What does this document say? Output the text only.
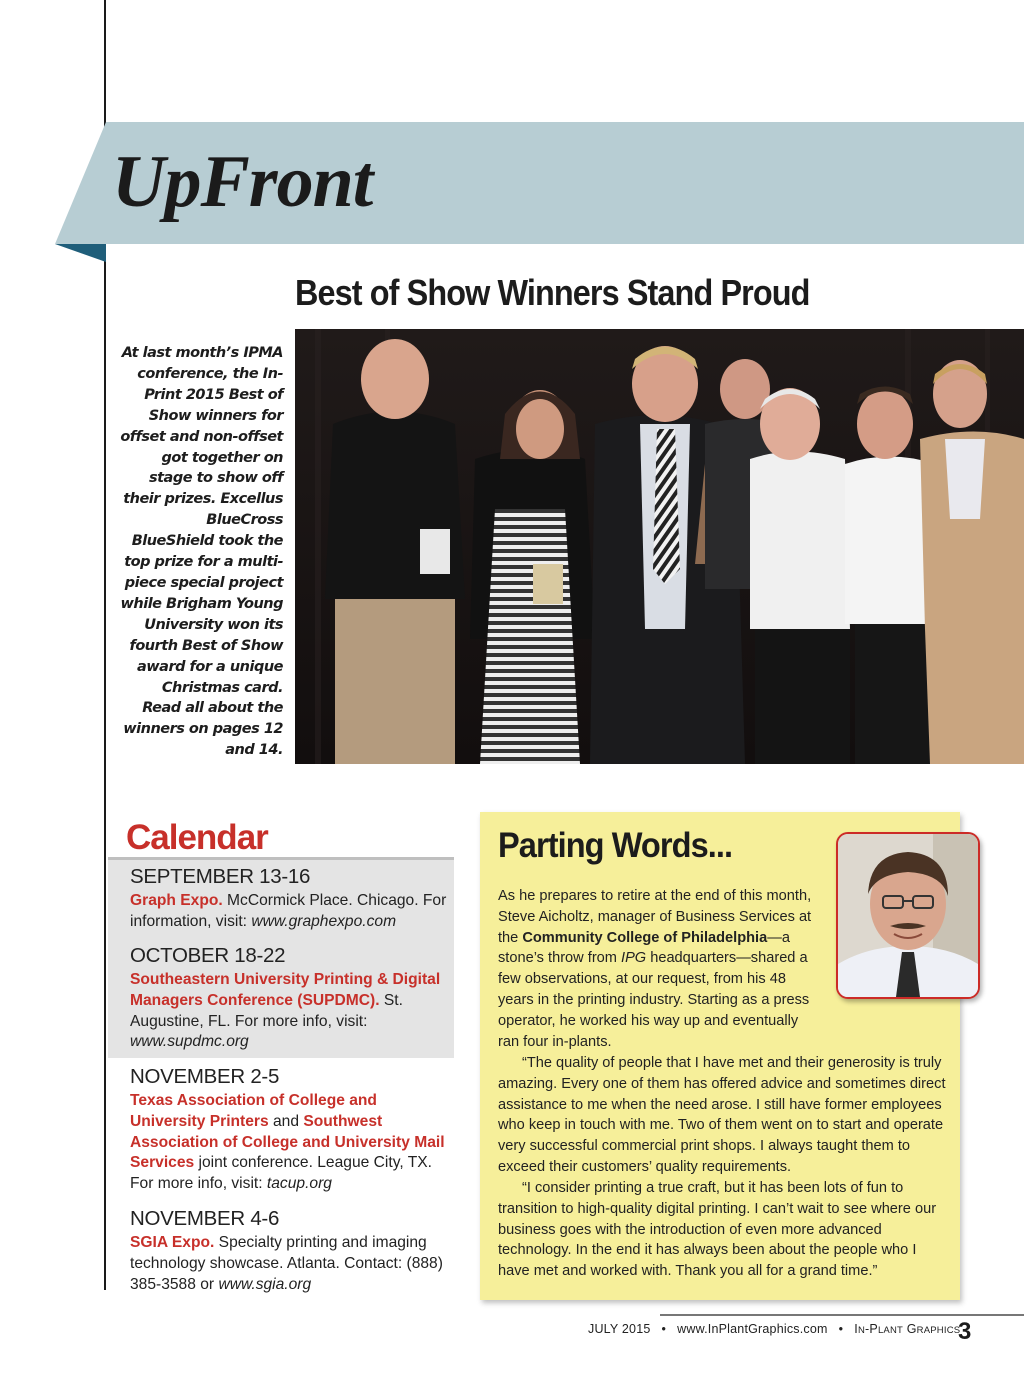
UpFront
Best of Show Winners Stand Proud
At last month’s IPMA conference, the In-Print 2015 Best of Show winners for offset and non-offset got together on stage to show off their prizes. Excellus BlueCross BlueShield took the top prize for a multi-piece special project while Brigham Young University won its fourth Best of Show award for a unique Christmas card. Read all about the winners on pages 12 and 14.
Calendar
SEPTEMBER 13-16
Graph Expo. McCormick Place. Chicago. For information, visit: www.graphexpo.com
OCTOBER 18-22
Southeastern University Printing & Digital Managers Conference (SUPDMC). St. Augustine, FL. For more info, visit: www.supdmc.org
NOVEMBER 2-5
Texas Association of College and University Printers and Southwest Association of College and University Mail Services joint conference. League City, TX. For more info, visit: tacup.org
NOVEMBER 4-6
SGIA Expo. Specialty printing and imaging technology showcase. Atlanta. Contact: (888) 385-3588 or www.sgia.org
Parting Words...
As he prepares to retire at the end of this month, Steve Aicholtz, manager of Business Services at the Community College of Philadelphia—a stone’s throw from IPG headquarters—shared a few observations, at our request, from his 48 years in the printing industry. Starting as a press operator, he worked his way up and eventually ran four in-plants.
“The quality of people that I have met and their generosity is truly amazing. Every one of them has offered advice and sometimes direct assistance to me when the need arose. I still have former employees who keep in touch with me. Two of them went on to start and operate very successful commercial print shops. I always taught them to exceed their customers’ quality requirements.
“I consider printing a true craft, but it has been lots of fun to transition to high-quality digital printing. I can’t wait to see where our business goes with the introduction of even more advanced technology. In the end it has always been about the people who I have met and worked with. Thank you all for a grand time.”
JULY 2015 • www.InPlantGraphics.com • IN-PLANT GRAPHICS
3
